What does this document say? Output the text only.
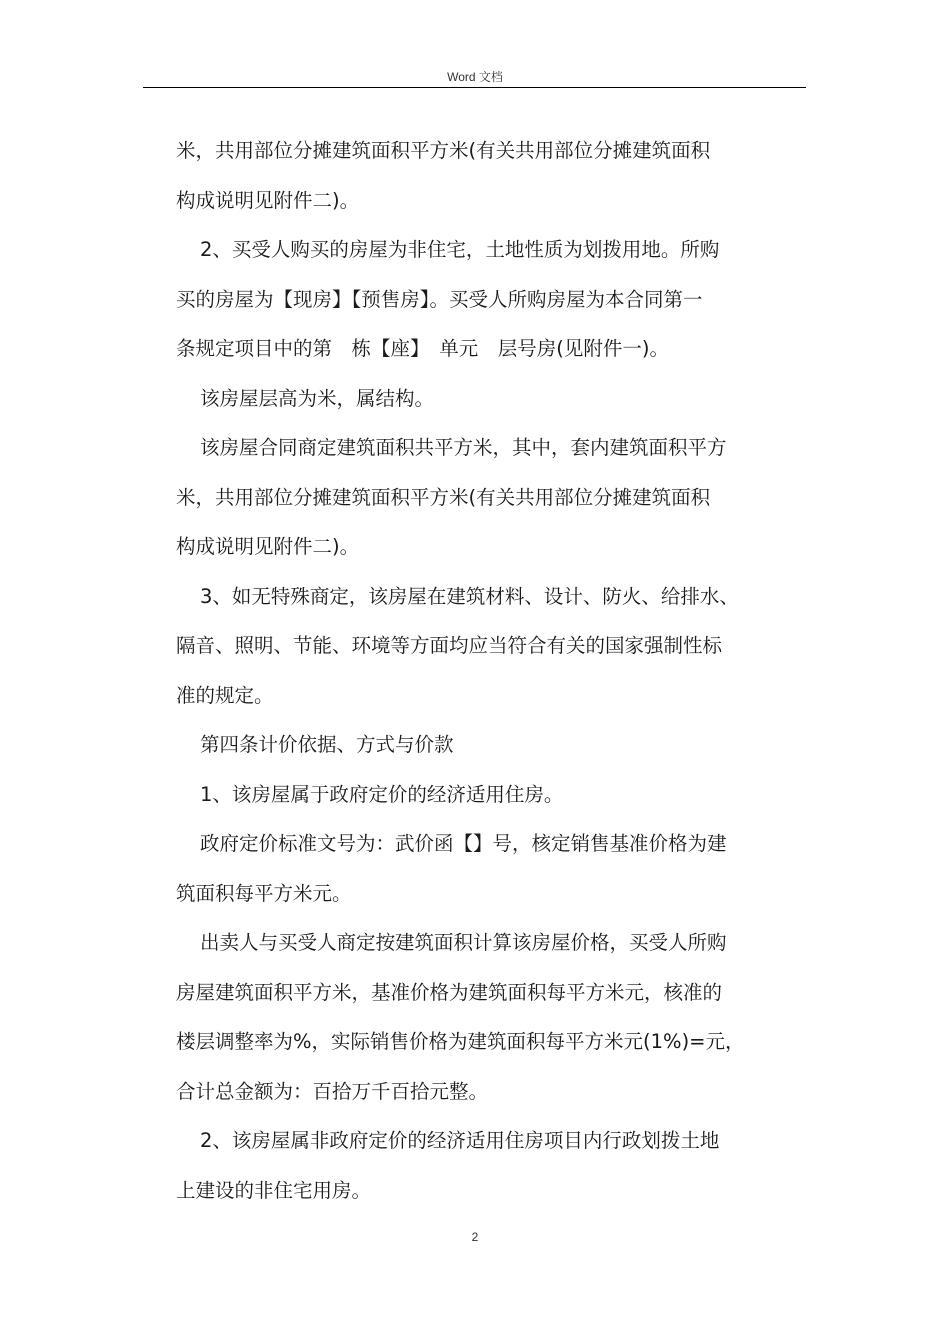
Word 文档
米，共用部位分摊建筑面积平方米(有关共用部位分摊建筑面积
构成说明见附件二)。
2、买受人购买的房屋为非住宅，土地性质为划拨用地。所购
买的房屋为【现房】【预售房】。买受人所购房屋为本合同第一
条规定项目中的第　栋【座】　单元　层号房(见附件一)。
该房屋层高为米，属结构。
该房屋合同商定建筑面积共平方米，其中，套内建筑面积平方
米，共用部位分摊建筑面积平方米(有关共用部位分摊建筑面积
构成说明见附件二)。
3、如无特殊商定，该房屋在建筑材料、设计、防火、给排水、
隔音、照明、节能、环境等方面均应当符合有关的国家强制性标
准的规定。
第四条计价依据、方式与价款
1、该房屋属于政府定价的经济适用住房。
政府定价标准文号为：武价函【】号，核定销售基准价格为建
筑面积每平方米元。
出卖人与买受人商定按建筑面积计算该房屋价格，买受人所购
房屋建筑面积平方米，基准价格为建筑面积每平方米元，核准的
楼层调整率为%，实际销售价格为建筑面积每平方米元(1%)=元，
合计总金额为：百拾万千百拾元整。
2、该房屋属非政府定价的经济适用住房项目内行政划拨土地
上建设的非住宅用房。
2
